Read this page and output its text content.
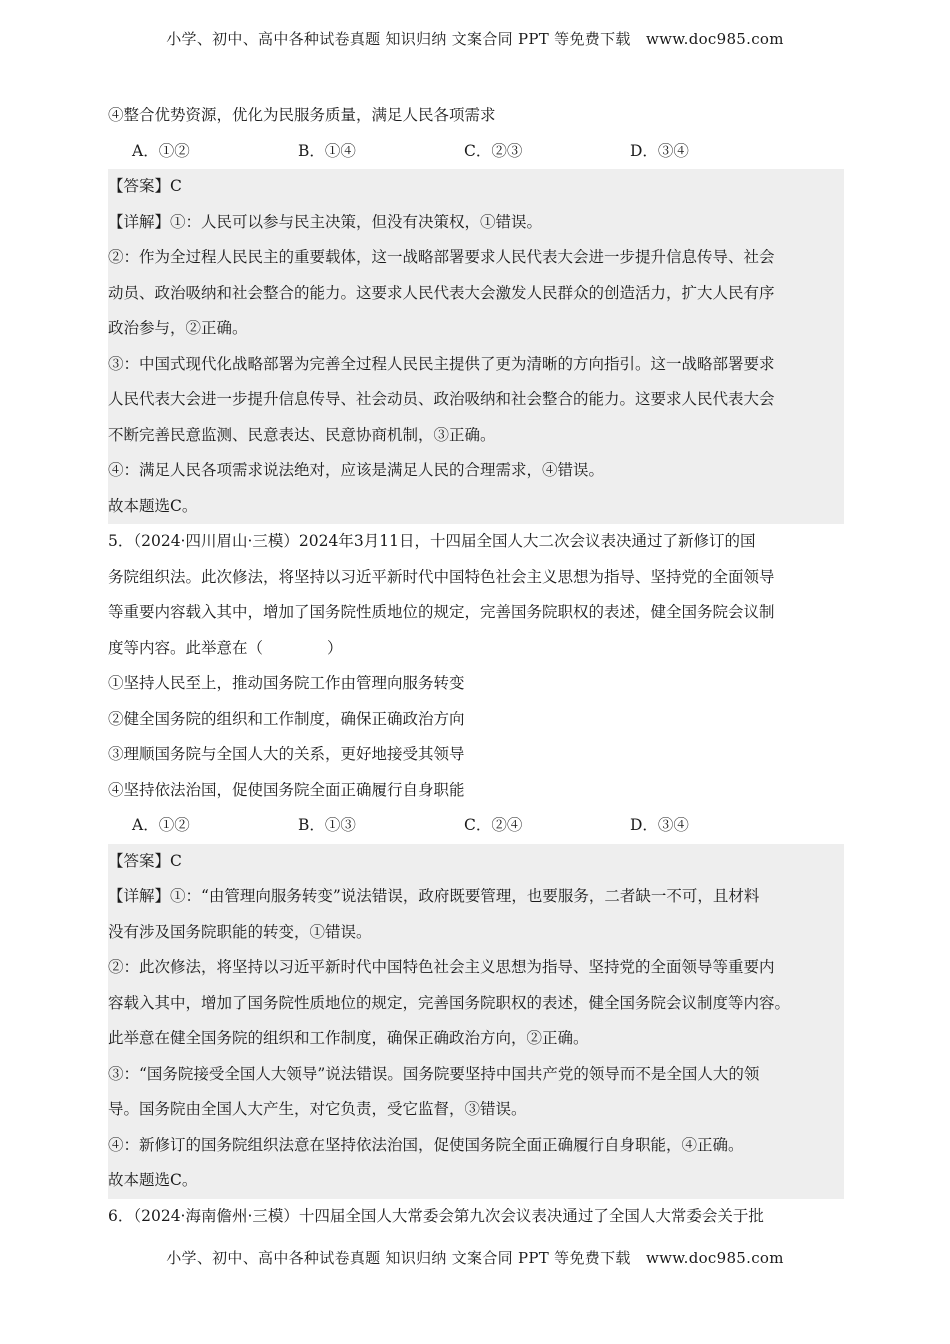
小学、初中、高中各种试卷真题 知识归纳 文案合同 PPT 等免费下载　www.doc985.com
④整合优势资源，优化为民服务质量，满足人民各项需求
A．①②	B．①④	C．②③	D．③④
【答案】C
【详解】①：人民可以参与民主决策，但没有决策权，①错误。
②：作为全过程人民民主的重要载体，这一战略部署要求人民代表大会进一步提升信息传导、社会
动员、政治吸纳和社会整合的能力。这要求人民代表大会激发人民群众的创造活力，扩大人民有序
政治参与，②正确。
③：中国式现代化战略部署为完善全过程人民民主提供了更为清晰的方向指引。这一战略部署要求
人民代表大会进一步提升信息传导、社会动员、政治吸纳和社会整合的能力。这要求人民代表大会
不断完善民意监测、民意表达、民意协商机制，③正确。
④：满足人民各项需求说法绝对，应该是满足人民的合理需求，④错误。
故本题选C。
5．（2024·四川眉山·三模）2024年3月11日，十四届全国人大二次会议表决通过了新修订的国
务院组织法。此次修法，将坚持以习近平新时代中国特色社会主义思想为指导、坚持党的全面领导
等重要内容载入其中，增加了国务院性质地位的规定，完善国务院职权的表述，健全国务院会议制
度等内容。此举意在（	）
①坚持人民至上，推动国务院工作由管理向服务转变
②健全国务院的组织和工作制度，确保正确政治方向
③理顺国务院与全国人大的关系，更好地接受其领导
④坚持依法治国，促使国务院全面正确履行自身职能
A．①②	B．①③	C．②④	D．③④
【答案】C
【详解】①：“由管理向服务转变”说法错误，政府既要管理，也要服务，二者缺一不可，且材料
没有涉及国务院职能的转变，①错误。
②：此次修法，将坚持以习近平新时代中国特色社会主义思想为指导、坚持党的全面领导等重要内
容载入其中，增加了国务院性质地位的规定，完善国务院职权的表述，健全国务院会议制度等内容。
此举意在健全国务院的组织和工作制度，确保正确政治方向，②正确。
③：“国务院接受全国人大领导”说法错误。国务院要坚持中国共产党的领导而不是全国人大的领
导。国务院由全国人大产生，对它负责，受它监督，③错误。
④：新修订的国务院组织法意在坚持依法治国，促使国务院全面正确履行自身职能，④正确。
故本题选C。
6．（2024·海南儋州·三模）十四届全国人大常委会第九次会议表决通过了全国人大常委会关于批
小学、初中、高中各种试卷真题 知识归纳 文案合同 PPT 等免费下载　www.doc985.com
